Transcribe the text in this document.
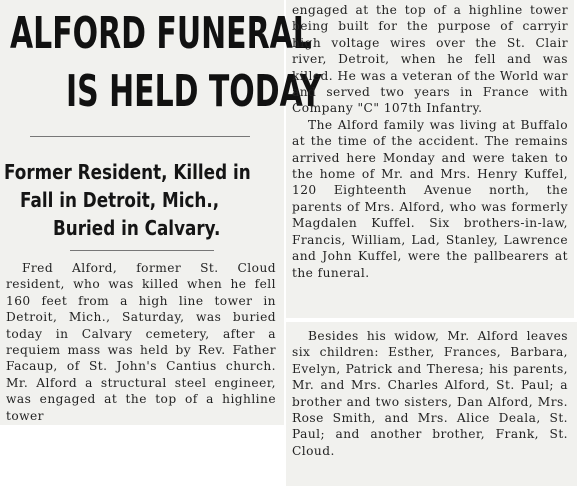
ALFORD FUNERAL
IS HELD TODAY
Former Resident, Killed in
Fall in Detroit, Mich.,
Buried in Calvary.

Fred Alford, former St. Cloud resident, who was killed when he fell 160 feet from a high line tower in Detroit, Mich., Saturday, was buried today in Calvary cemetery, after a requiem mass was held by Rev. Father Facaup, of St. John's Cantius church. Mr. Alford a structural steel engineer, was engaged at the top of a highline tower

engaged at the top of a highline tower being built for the purpose of carryir high voltage wires over the St. Clair river, Detroit, when he fell and was killed. He was a veteran of the World war and served two years in France with Company "C" 107th Infantry.

The Alford family was living at Buffalo at the time of the accident. The remains arrived here Monday and were taken to the home of Mr. and Mrs. Henry Kuffel, 120 Eighteenth Avenue north, the parents of Mrs. Alford, who was formerly Magdalen Kuffel. Six brothers-in-law, Francis, William, Lad, Stanley, Lawrence and John Kuffel, were the pallbearers at the funeral.

Besides his widow, Mr. Alford leaves six children: Esther, Frances, Barbara, Evelyn, Patrick and Theresa; his parents, Mr. and Mrs. Charles Alford, St. Paul; a brother and two sisters, Dan Alford, Mrs. Rose Smith, and Mrs. Alice Deala, St. Paul; and another brother, Frank, St. Cloud.
